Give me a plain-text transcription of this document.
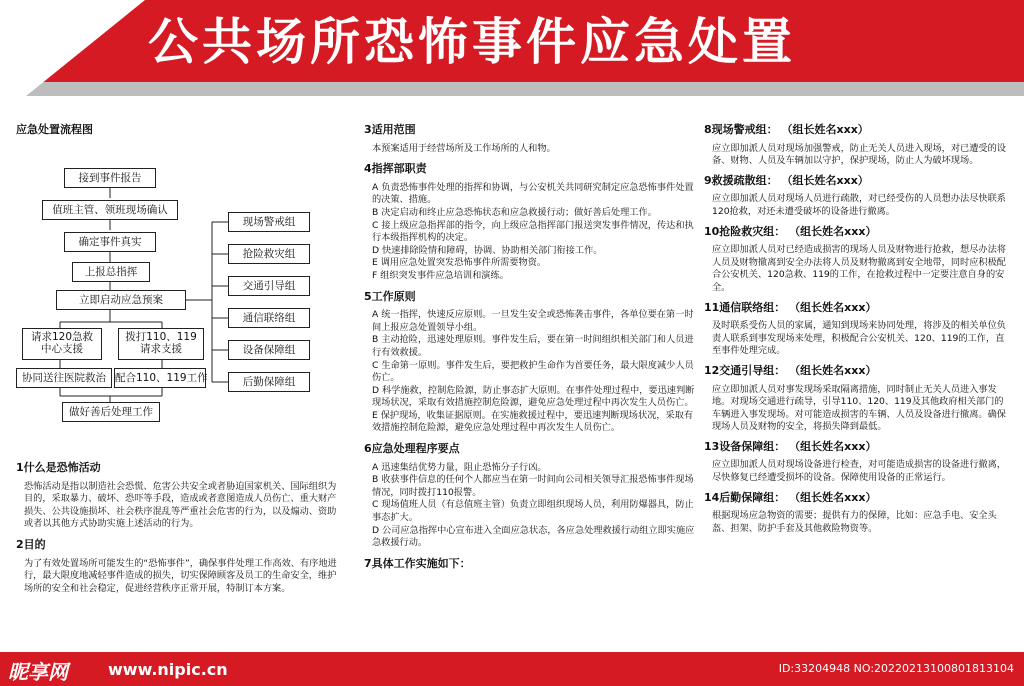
公共场所恐怖事件应急处置

应急处置流程图

接到事件报告
值班主管、领班现场确认
确定事件真实
上报总指挥
立即启动应急预案
请求120急救
中心支援
拨打110、119
请求支援
协同送往医院救治 配合110、119工作
做好善后处理工作
现场警戒组
抢险救灾组
交通引导组
通信联络组
设备保障组
后勤保障组

1什么是恐怖活动

恐怖活动是指以制造社会恐慌、危害公共安全或者胁迫国家机关、国际组织为目的，采取暴力、破坏、恐吓等手段，造成或者意图造成人员伤亡、重大财产损失、公共设施损坏、社会秩序混乱等严重社会危害的行为，以及煽动、资助或者以其他方式协助实施上述活动的行为。

2目的

为了有效处置场所可能发生的“恐怖事件”，确保事件处理工作高效、有序地进行，最大限度地减轻事件造成的损失，切实保障顾客及员工的生命安全，维护场所的安全和社会稳定，促进经营秩序正常开展，特制订本方案。

3适用范围

本预案适用于经营场所及工作场所的人和物。

4指挥部职责

A 负责恐怖事件处理的指挥和协调，与公安机关共同研究制定应急恐怖事件处置的决策、措施。

B 决定启动和终止应急恐怖状态和应急救援行动；做好善后处理工作。

C 接上级应急指挥部的指令，向上级应急指挥部门报送突发事件情况，传达和执行本级指挥机构的决定。

D 快速排除险情和障碍，协调、协助相关部门衔接工作。

E 调用应急处置突发恐怖事件所需要物资。

F 组织突发事件应急培训和演练。

5工作原则

A 统一指挥，快速反应原则。一旦发生安全或恐怖袭击事件，各单位要在第一时间上报应急处置领导小组。

B 主动抢险，迅速处理原则。事件发生后，要在第一时间组织相关部门和人员进行有效救援。

C 生命第一原则。事件发生后，要把救护生命作为首要任务，最大限度减少人员伤亡。

D 科学施救，控制危险源，防止事态扩大原则。在事件处理过程中，要迅速判断现场状况，采取有效措施控制危险源，避免应急处理过程中再次发生人员伤亡。

E 保护现场，收集证据原则。在实施救援过程中，要迅速判断现场状况，采取有效措施控制危险源，避免应急处理过程中再次发生人员伤亡。

6应急处理程序要点

A 迅速集结优势力量，阻止恐怖分子行凶。

B 收获事件信息的任何个人都应当在第一时间向公司相关领导汇报恐怖事件现场情况，同时拨打110报警。

C 现场值班人员（有总值班主管）负责立即组织现场人员，利用防爆器具，防止事态扩大。

D 公司应急指挥中心宣布进入全面应急状态，各应急处理救援行动组立即实施应急救援行动。

7具体工作实施如下：

8现场警戒组： （组长姓名xxx）

应立即加派人员对现场加强警戒，防止无关人员进入现场，对已遭受的设备、财物、人员及车辆加以守护，保护现场，防止人为破坏现场。

9救援疏散组： （组长姓名xxx）

应立即加派人员对现场人员进行疏散，对已经受伤的人员想办法尽快联系120抢救，对还未遭受破坏的设备进行撤离。

10抢险救灾组： （组长姓名xxx）

应立即加派人员对已经造成损害的现场人员及财物进行抢救，想尽办法将人员及财物撤离到安全办法将人员及财物撤离到安全地带，同时应积极配合公安机关、120急救、119的工作，在抢救过程中一定要注意自身的安全。

11通信联络组： （组长姓名xxx）

及时联系受伤人员的家属，通知到现场来协同处理，将涉及的相关单位负责人联系到事发现场来处理，积极配合公安机关、120、119的工作，直至事件处理完成。

12交通引导组： （组长姓名xxx）

应立即加派人员对事发现场采取隔离措施，同时制止无关人员进入事发地。对现场交通进行疏导，引导110、120、119及其他政府相关部门的车辆进入事发现场。对可能造成损害的车辆、人员及设备进行撤离。确保现场人员及财物的安全，将损失降到最低。

13设备保障组： （组长姓名xxx）

应立即加派人员对现场设备进行检查，对可能造成损害的设备进行撤离，尽快修复已经遭受损坏的设备。保障使用设备的正常运行。

14后勤保障组： （组长姓名xxx）

根据现场应急物资的需要；提供有力的保障，比如：应急手电、安全头盔、担架、防护手套及其他救险物资等。

昵享网	www.nipic.cn	ID:33204948 NO:20220213100801813104
